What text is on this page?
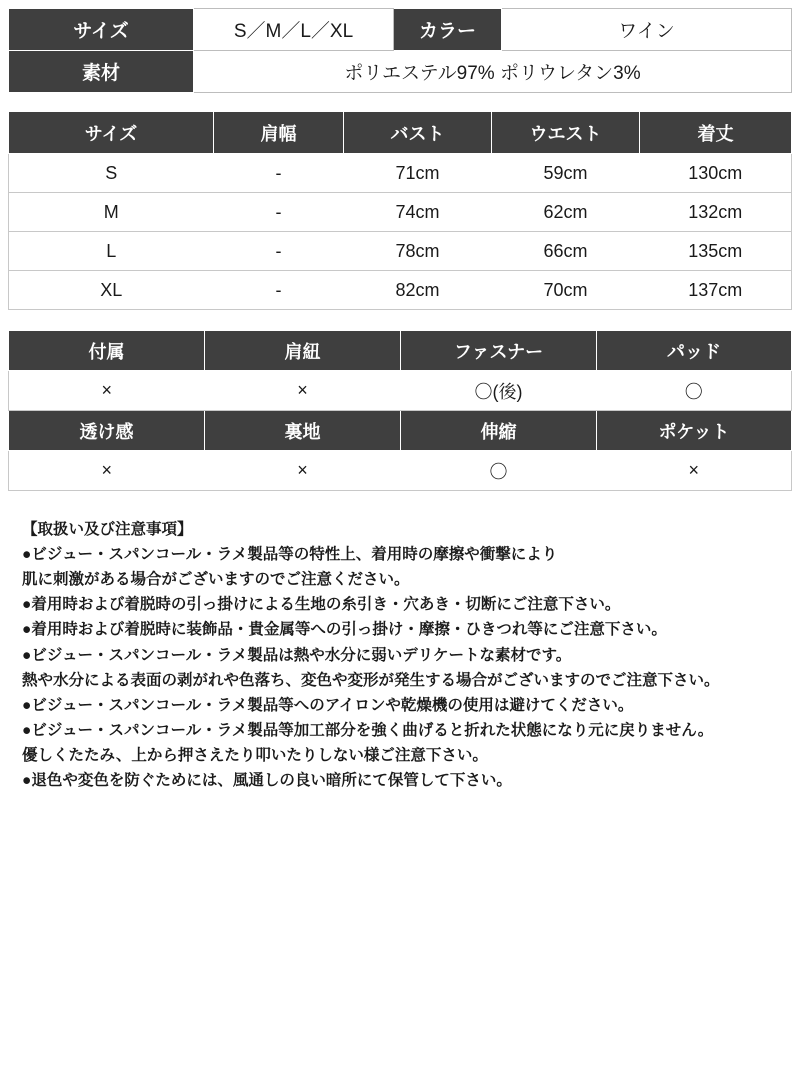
サイズ	S／M／L／XL	カラー	ワイン
素材	ポリエステル97% ポリウレタン3%		
サイズ	肩幅	バスト	ウエスト	着丈
S	-	71cm	59cm	130cm
M	-	74cm	62cm	132cm
L	-	78cm	66cm	135cm
XL	-	82cm	70cm	137cm
付属	肩紐	ファスナー	パッド
×	×	〇(後)	〇
透け感	裏地	伸縮	ポケット
×	×	〇	×
【取扱い及び注意事項】
●ビジュー・スパンコール・ラメ製品等の特性上、着用時の摩擦や衝撃により
肌に刺激がある場合がございますのでご注意ください。
●着用時および着脱時の引っ掛けによる生地の糸引き・穴あき・切断にご注意下さい。
●着用時および着脱時に装飾品・貴金属等への引っ掛け・摩擦・ひきつれ等にご注意下さい。
●ビジュー・スパンコール・ラメ製品は熱や水分に弱いデリケートな素材です。
熱や水分による表面の剥がれや色落ち、変色や変形が発生する場合がございますのでご注意下さい。
●ビジュー・スパンコール・ラメ製品等へのアイロンや乾燥機の使用は避けてください。
●ビジュー・スパンコール・ラメ製品等加工部分を強く曲げると折れた状態になり元に戻りません。
優しくたたみ、上から押さえたり叩いたりしない様ご注意下さい。
●退色や変色を防ぐためには、風通しの良い暗所にて保管して下さい。
